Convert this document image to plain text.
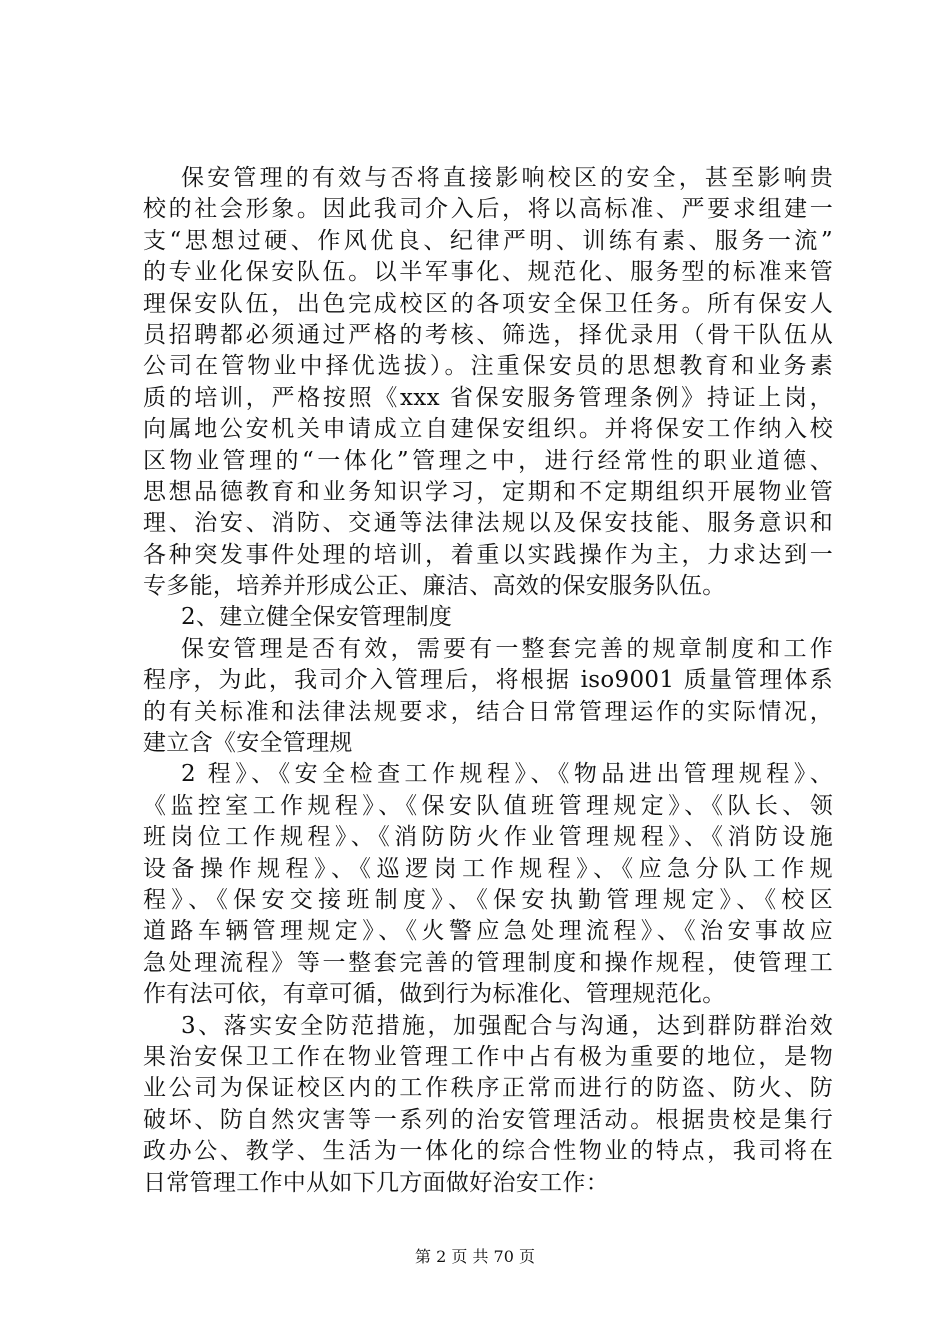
保安管理的有效与否将直接影响校区的安全，甚至影响贵
校的社会形象。因此我司介入后，将以高标准、严要求组建一
支“思想过硬、作风优良、纪律严明、训练有素、服务一流”
的专业化保安队伍。以半军事化、规范化、服务型的标准来管
理保安队伍，出色完成校区的各项安全保卫任务。所有保安人
员招聘都必须通过严格的考核、筛选，择优录用（骨干队伍从
公司在管物业中择优选拔）。注重保安员的思想教育和业务素
质的培训，严格按照《xxx 省保安服务管理条例》持证上岗，
向属地公安机关申请成立自建保安组织。并将保安工作纳入校
区物业管理的“一体化”管理之中，进行经常性的职业道德、
思想品德教育和业务知识学习，定期和不定期组织开展物业管
理、治安、消防、交通等法律法规以及保安技能、服务意识和
各种突发事件处理的培训，着重以实践操作为主，力求达到一
专多能，培养并形成公正、廉洁、高效的保安服务队伍。
2、建立健全保安管理制度
保安管理是否有效，需要有一整套完善的规章制度和工作
程序，为此，我司介入管理后，将根据 iso9001 质量管理体系
的有关标准和法律法规要求，结合日常管理运作的实际情况，
建立含《安全管理规
2 程》、《安全检查工作规程》、《物品进出管理规程》、
《监控室工作规程》、《保安队值班管理规定》、《队长、领
班岗位工作规程》、《消防防火作业管理规程》、《消防设施
设备操作规程》、《巡逻岗工作规程》、《应急分队工作规
程》、《保安交接班制度》、《保安执勤管理规定》、《校区
道路车辆管理规定》、《火警应急处理流程》、《治安事故应
急处理流程》等一整套完善的管理制度和操作规程，使管理工
作有法可依，有章可循，做到行为标准化、管理规范化。
3、落实安全防范措施，加强配合与沟通，达到群防群治效
果治安保卫工作在物业管理工作中占有极为重要的地位，是物
业公司为保证校区内的工作秩序正常而进行的防盗、防火、防
破坏、防自然灾害等一系列的治安管理活动。根据贵校是集行
政办公、教学、生活为一体化的综合性物业的特点，我司将在
日常管理工作中从如下几方面做好治安工作：
第 2 页 共 70 页
